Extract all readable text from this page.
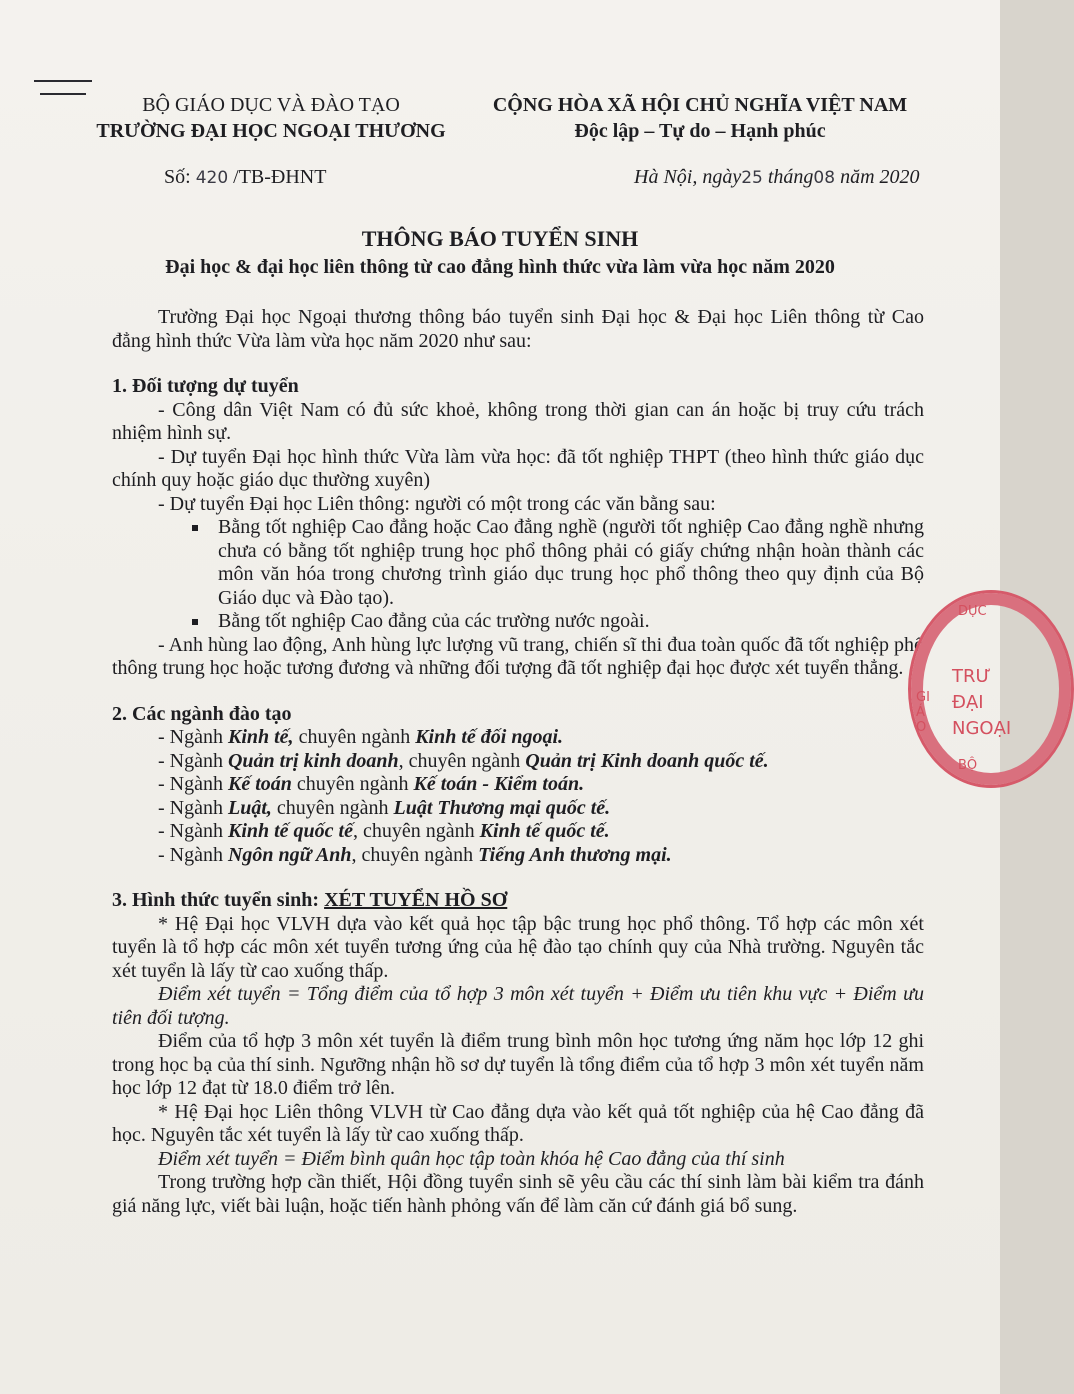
BỘ GIÁO DỤC VÀ ĐÀO TẠO
TRƯỜNG ĐẠI HỌC NGOẠI THƯƠNG
CỘNG HÒA XÃ HỘI CHỦ NGHĨA VIỆT NAM
Độc lập – Tự do – Hạnh phúc
Số: 420 /TB-ĐHNT	Hà Nội, ngày25 tháng08 năm 2020
THÔNG BÁO TUYỂN SINH
Đại học & đại học liên thông từ cao đẳng hình thức vừa làm vừa học năm 2020

Trường Đại học Ngoại thương thông báo tuyển sinh Đại học & Đại học Liên thông từ Cao đẳng hình thức Vừa làm vừa học năm 2020 như sau:

1. Đối tượng dự tuyển

- Công dân Việt Nam có đủ sức khoẻ, không trong thời gian can án hoặc bị truy cứu trách nhiệm hình sự.

- Dự tuyển Đại học hình thức Vừa làm vừa học: đã tốt nghiệp THPT (theo hình thức giáo dục chính quy hoặc giáo dục thường xuyên)

- Dự tuyển Đại học Liên thông: người có một trong các văn bằng sau:

Bằng tốt nghiệp Cao đẳng hoặc Cao đẳng nghề (người tốt nghiệp Cao đẳng nghề nhưng chưa có bằng tốt nghiệp trung học phổ thông phải có giấy chứng nhận hoàn thành các môn văn hóa trong chương trình giáo dục trung học phổ thông theo quy định của Bộ Giáo dục và Đào tạo).

Bằng tốt nghiệp Cao đẳng của các trường nước ngoài.

- Anh hùng lao động, Anh hùng lực lượng vũ trang, chiến sĩ thi đua toàn quốc đã tốt nghiệp phổ thông trung học hoặc tương đương và những đối tượng đã tốt nghiệp đại học được xét tuyển thẳng.

2. Các ngành đào tạo

- Ngành Kinh tế, chuyên ngành Kinh tế đối ngoại.

- Ngành Quản trị kinh doanh, chuyên ngành Quản trị Kinh doanh quốc tế.

- Ngành Kế toán chuyên ngành Kế toán - Kiểm toán.

- Ngành Luật, chuyên ngành Luật Thương mại quốc tế.

- Ngành Kinh tế quốc tế, chuyên ngành Kinh tế quốc tế.

- Ngành Ngôn ngữ Anh, chuyên ngành Tiếng Anh thương mại.

3. Hình thức tuyển sinh: XÉT TUYỂN HỒ SƠ

* Hệ Đại học VLVH dựa vào kết quả học tập bậc trung học phổ thông. Tổ hợp các môn xét tuyển là tổ hợp các môn xét tuyển tương ứng của hệ đào tạo chính quy của Nhà trường. Nguyên tắc xét tuyển là lấy từ cao xuống thấp.

Điểm xét tuyển = Tổng điểm của tổ hợp 3 môn xét tuyển + Điểm ưu tiên khu vực + Điểm ưu tiên đối tượng.

Điểm của tổ hợp 3 môn xét tuyển là điểm trung bình môn học tương ứng năm học lớp 12 ghi trong học bạ của thí sinh. Ngưỡng nhận hồ sơ dự tuyển là tổng điểm của tổ hợp 3 môn xét tuyển năm học lớp 12 đạt từ 18.0 điểm trở lên.

* Hệ Đại học Liên thông VLVH từ Cao đẳng dựa vào kết quả tốt nghiệp của hệ Cao đẳng đã học. Nguyên tắc xét tuyển là lấy từ cao xuống thấp.

Điểm xét tuyển = Điểm bình quân học tập toàn khóa hệ Cao đẳng của thí sinh

Trong trường hợp cần thiết, Hội đồng tuyển sinh sẽ yêu cầu các thí sinh làm bài kiểm tra đánh giá năng lực, viết bài luận, hoặc tiến hành phỏng vấn để làm căn cứ đánh giá bổ sung.

TRƯ
ĐẠI
NGOẠI
DỤC
GIÁO
BỘ
